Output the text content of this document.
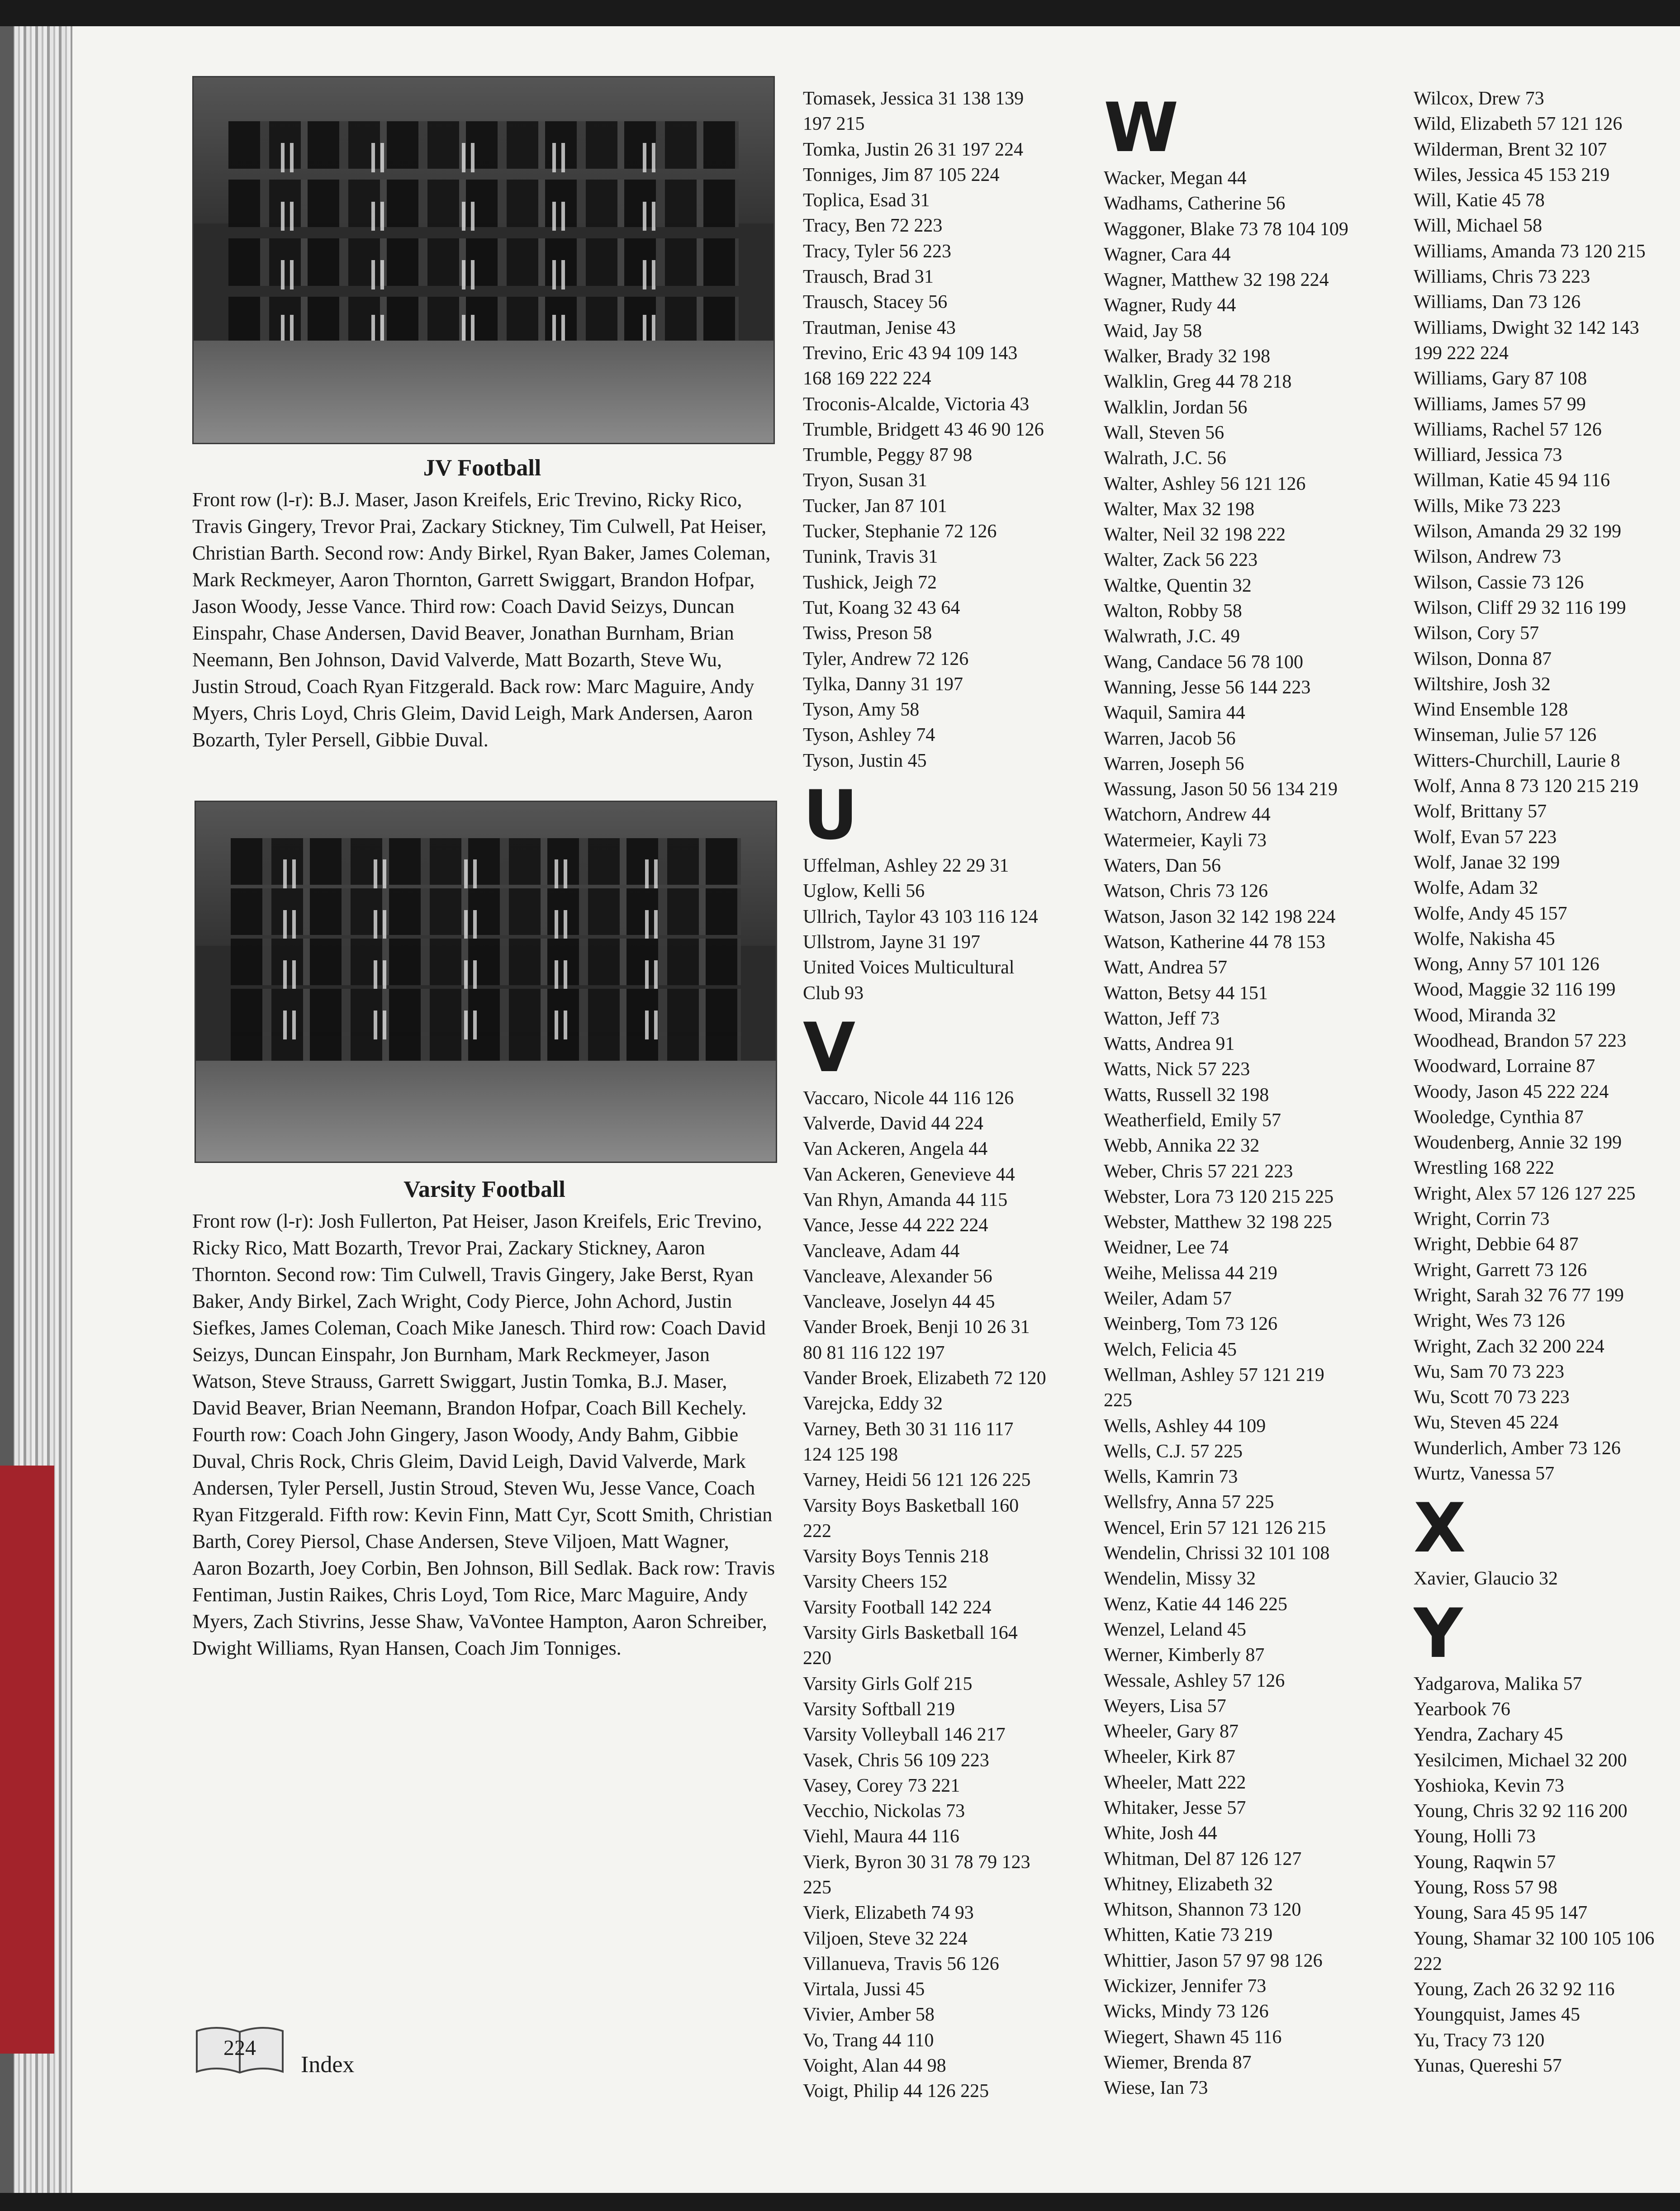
JV Football
Front row (l-r): B.J. Maser, Jason Kreifels, Eric Trevino, Ricky Rico, Travis Gingery, Trevor Prai, Zackary Stickney, Tim Culwell, Pat Heiser, Christian Barth. Second row: Andy Birkel, Ryan Baker, James Coleman, Mark Reckmeyer, Aaron Thornton, Garrett Swiggart, Brandon Hofpar, Jason Woody, Jesse Vance. Third row: Coach David Seizys, Duncan Einspahr, Chase Andersen, David Beaver, Jonathan Burnham, Brian Neemann, Ben Johnson, David Valverde, Matt Bozarth, Steve Wu, Justin Stroud, Coach Ryan Fitzgerald. Back row: Marc Maguire, Andy Myers, Chris Loyd, Chris Gleim, David Leigh, Mark Andersen, Aaron Bozarth, Tyler Persell, Gibbie Duval.
Varsity Football
Front row (l-r): Josh Fullerton, Pat Heiser, Jason Kreifels, Eric Trevino, Ricky Rico, Matt Bozarth, Trevor Prai, Zackary Stickney, Aaron Thornton. Second row: Tim Culwell, Travis Gingery, Jake Berst, Ryan Baker, Andy Birkel, Zach Wright, Cody Pierce, John Achord, Justin Siefkes, James Coleman, Coach Mike Janesch. Third row: Coach David Seizys, Duncan Einspahr, Jon Burnham, Mark Reckmeyer, Jason Watson, Steve Strauss, Garrett Swiggart, Justin Tomka, B.J. Maser, David Beaver, Brian Neemann, Brandon Hofpar, Coach Bill Kechely. Fourth row: Coach John Gingery, Jason Woody, Andy Bahm, Gibbie Duval, Chris Rock, Chris Gleim, David Leigh, David Valverde, Mark Andersen, Tyler Persell, Justin Stroud, Steven Wu, Jesse Vance, Coach Ryan Fitzgerald. Fifth row: Kevin Finn, Matt Cyr, Scott Smith, Christian Barth, Corey Piersol, Chase Andersen, Steve Viljoen, Matt Wagner, Aaron Bozarth, Joey Corbin, Ben Johnson, Bill Sedlak. Back row: Travis Fentiman, Justin Raikes, Chris Loyd, Tom Rice, Marc Maguire, Andy Myers, Zach Stivrins, Jesse Shaw, VaVontee Hampton, Aaron Schreiber, Dwight Williams, Ryan Hansen, Coach Jim Tonniges.
Tomasek, Jessica 31 138 139
197 215
Tomka, Justin 26 31 197 224
Tonniges, Jim 87 105 224
Toplica, Esad 31
Tracy, Ben 72 223
Tracy, Tyler 56 223
Trausch, Brad 31
Trausch, Stacey 56
Trautman, Jenise 43
Trevino, Eric 43 94 109 143
168 169 222 224
Troconis-Alcalde, Victoria 43
Trumble, Bridgett 43 46 90 126
Trumble, Peggy 87 98
Tryon, Susan 31
Tucker, Jan 87 101
Tucker, Stephanie 72 126
Tunink, Travis 31
Tushick, Jeigh 72
Tut, Koang 32 43 64
Twiss, Preson 58
Tyler, Andrew 72 126
Tylka, Danny 31 197
Tyson, Amy 58
Tyson, Ashley 74
Tyson, Justin 45
U
Uffelman, Ashley 22 29 31
Uglow, Kelli 56
Ullrich, Taylor 43 103 116 124
Ullstrom, Jayne 31 197
United Voices Multicultural
Club 93
V
Vaccaro, Nicole 44 116 126
Valverde, David 44 224
Van Ackeren, Angela 44
Van Ackeren, Genevieve 44
Van Rhyn, Amanda 44 115
Vance, Jesse 44 222 224
Vancleave, Adam 44
Vancleave, Alexander 56
Vancleave, Joselyn 44 45
Vander Broek, Benji 10 26 31
80 81 116 122 197
Vander Broek, Elizabeth 72 120
Varejcka, Eddy 32
Varney, Beth 30 31 116 117
124 125 198
Varney, Heidi 56 121 126 225
Varsity Boys Basketball 160
222
Varsity Boys Tennis 218
Varsity Cheers 152
Varsity Football 142 224
Varsity Girls Basketball 164
220
Varsity Girls Golf 215
Varsity Softball 219
Varsity Volleyball 146 217
Vasek, Chris 56 109 223
Vasey, Corey 73 221
Vecchio, Nickolas 73
Viehl, Maura 44 116
Vierk, Byron 30 31 78 79 123
225
Vierk, Elizabeth 74 93
Viljoen, Steve 32 224
Villanueva, Travis 56 126
Virtala, Jussi 45
Vivier, Amber 58
Vo, Trang 44 110
Voight, Alan 44 98
Voigt, Philip 44 126 225
W
Wacker, Megan 44
Wadhams, Catherine 56
Waggoner, Blake 73 78 104 109
Wagner, Cara 44
Wagner, Matthew 32 198 224
Wagner, Rudy 44
Waid, Jay 58
Walker, Brady 32 198
Walklin, Greg 44 78 218
Walklin, Jordan 56
Wall, Steven 56
Walrath, J.C. 56
Walter, Ashley 56 121 126
Walter, Max 32 198
Walter, Neil 32 198 222
Walter, Zack 56 223
Waltke, Quentin 32
Walton, Robby 58
Walwrath, J.C. 49
Wang, Candace 56 78 100
Wanning, Jesse 56 144 223
Waquil, Samira 44
Warren, Jacob 56
Warren, Joseph 56
Wassung, Jason 50 56 134 219
Watchorn, Andrew 44
Watermeier, Kayli 73
Waters, Dan 56
Watson, Chris 73 126
Watson, Jason 32 142 198 224
Watson, Katherine 44 78 153
Watt, Andrea 57
Watton, Betsy 44 151
Watton, Jeff 73
Watts, Andrea 91
Watts, Nick 57 223
Watts, Russell 32 198
Weatherfield, Emily 57
Webb, Annika 22 32
Weber, Chris 57 221 223
Webster, Lora 73 120 215 225
Webster, Matthew 32 198 225
Weidner, Lee 74
Weihe, Melissa 44 219
Weiler, Adam 57
Weinberg, Tom 73 126
Welch, Felicia 45
Wellman, Ashley 57 121 219
225
Wells, Ashley 44 109
Wells, C.J. 57 225
Wells, Kamrin 73
Wellsfry, Anna 57 225
Wencel, Erin 57 121 126 215
Wendelin, Chrissi 32 101 108
Wendelin, Missy 32
Wenz, Katie 44 146 225
Wenzel, Leland 45
Werner, Kimberly 87
Wessale, Ashley 57 126
Weyers, Lisa 57
Wheeler, Gary 87
Wheeler, Kirk 87
Wheeler, Matt 222
Whitaker, Jesse 57
White, Josh 44
Whitman, Del 87 126 127
Whitney, Elizabeth 32
Whitson, Shannon 73 120
Whitten, Katie 73 219
Whittier, Jason 57 97 98 126
Wickizer, Jennifer 73
Wicks, Mindy 73 126
Wiegert, Shawn 45 116
Wiemer, Brenda 87
Wiese, Ian 73
Wilcox, Drew 73
Wild, Elizabeth 57 121 126
Wilderman, Brent 32 107
Wiles, Jessica 45 153 219
Will, Katie 45 78
Will, Michael 58
Williams, Amanda 73 120 215
Williams, Chris 73 223
Williams, Dan 73 126
Williams, Dwight 32 142 143
199 222 224
Williams, Gary 87 108
Williams, James 57 99
Williams, Rachel 57 126
Williard, Jessica 73
Willman, Katie 45 94 116
Wills, Mike 73 223
Wilson, Amanda 29 32 199
Wilson, Andrew 73
Wilson, Cassie 73 126
Wilson, Cliff 29 32 116 199
Wilson, Cory 57
Wilson, Donna 87
Wiltshire, Josh 32
Wind Ensemble 128
Winseman, Julie 57 126
Witters-Churchill, Laurie 8
Wolf, Anna 8 73 120 215 219
Wolf, Brittany 57
Wolf, Evan 57 223
Wolf, Janae 32 199
Wolfe, Adam 32
Wolfe, Andy 45 157
Wolfe, Nakisha 45
Wong, Anny 57 101 126
Wood, Maggie 32 116 199
Wood, Miranda 32
Woodhead, Brandon 57 223
Woodward, Lorraine 87
Woody, Jason 45 222 224
Wooledge, Cynthia 87
Woudenberg, Annie 32 199
Wrestling 168 222
Wright, Alex 57 126 127 225
Wright, Corrin 73
Wright, Debbie 64 87
Wright, Garrett 73 126
Wright, Sarah 32 76 77 199
Wright, Wes 73 126
Wright, Zach 32 200 224
Wu, Sam 70 73 223
Wu, Scott 70 73 223
Wu, Steven 45 224
Wunderlich, Amber 73 126
Wurtz, Vanessa 57
X
Xavier, Glaucio 32
Y
Yadgarova, Malika 57
Yearbook 76
Yendra, Zachary 45
Yesilcimen, Michael 32 200
Yoshioka, Kevin 73
Young, Chris 32 92 116 200
Young, Holli 73
Young, Raqwin 57
Young, Ross 57 98
Young, Sara 45 95 147
Young, Shamar 32 100 105 106
222
Young, Zach 26 32 92 116
Youngquist, James 45
Yu, Tracy 73 120
Yunas, Quereshi 57
224
Index
